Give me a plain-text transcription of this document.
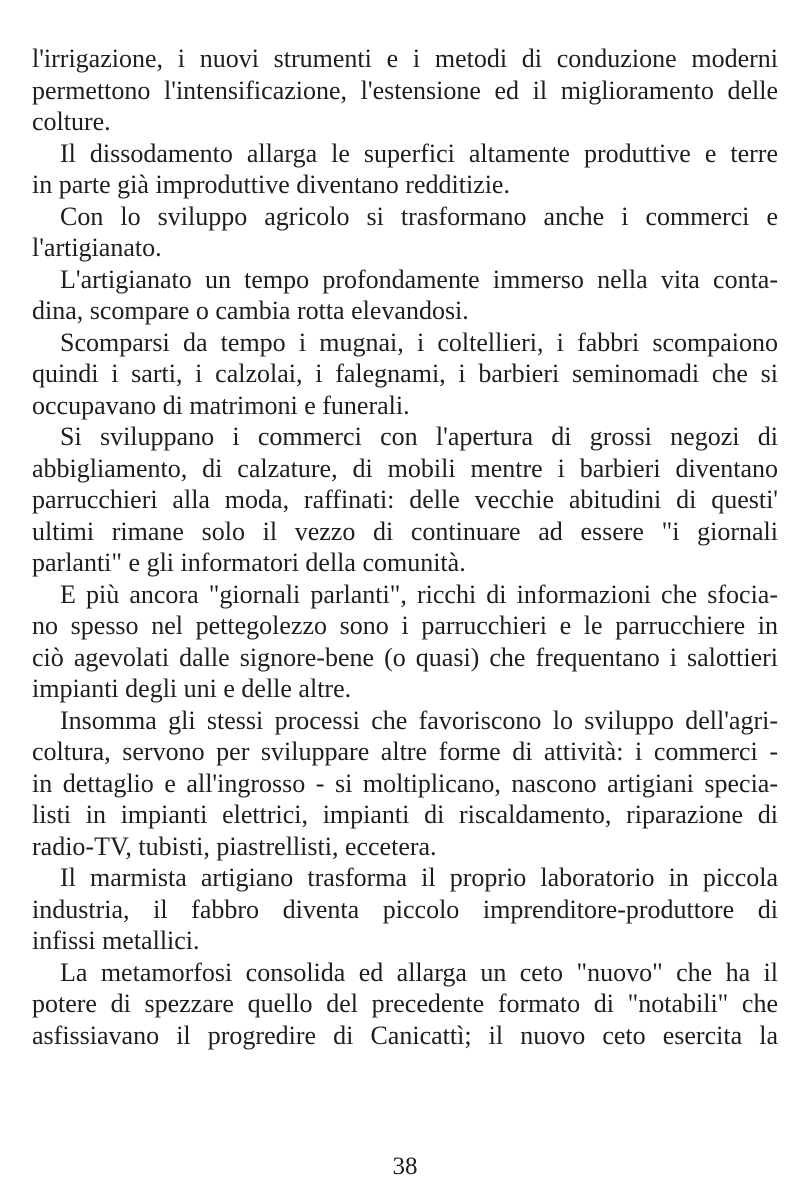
l'irrigazione, i nuovi strumenti e i metodi di conduzione moderni
permettono l'intensificazione, l'estensione ed il miglioramento delle
colture.
Il dissodamento allarga le superfici altamente produttive e terre
in parte già improduttive diventano redditizie.
Con lo sviluppo agricolo si trasformano anche i commerci e
l'artigianato.
L'artigianato un tempo profondamente immerso nella vita conta-
dina, scompare o cambia rotta elevandosi.
Scomparsi da tempo i mugnai, i coltellieri, i fabbri scompaiono
quindi i sarti, i calzolai, i falegnami, i barbieri seminomadi che si
occupavano di matrimoni e funerali.
Si sviluppano i commerci con l'apertura di grossi negozi di
abbigliamento, di calzature, di mobili mentre i barbieri diventano
parrucchieri alla moda, raffinati: delle vecchie abitudini di questi'
ultimi rimane solo il vezzo di continuare ad essere "i giornali
parlanti" e gli informatori della comunità.
E più ancora "giornali parlanti", ricchi di informazioni che sfocia-
no spesso nel pettegolezzo sono i parrucchieri e le parrucchiere in
ciò agevolati dalle signore-bene (o quasi) che frequentano i salottieri
impianti degli uni e delle altre.
Insomma gli stessi processi che favoriscono lo sviluppo dell'agri-
coltura, servono per sviluppare altre forme di attività: i commerci -
in dettaglio e all'ingrosso - si moltiplicano, nascono artigiani specia-
listi in impianti elettrici, impianti di riscaldamento, riparazione di
radio-TV, tubisti, piastrellisti, eccetera.
Il marmista artigiano trasforma il proprio laboratorio in piccola
industria, il fabbro diventa piccolo imprenditore-produttore di
infissi metallici.
La metamorfosi consolida ed allarga un ceto "nuovo" che ha il
potere di spezzare quello del precedente formato di "notabili" che
asfissiavano il progredire di Canicattì; il nuovo ceto esercita la
38
